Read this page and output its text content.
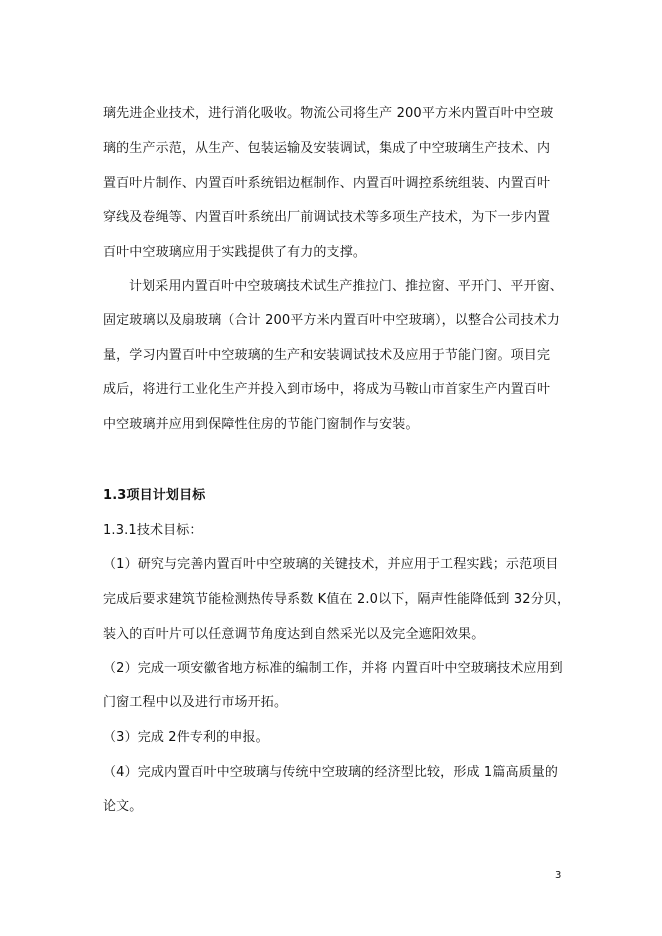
璃先进企业技术，进行消化吸收。物流公司将生产 200平方米内置百叶中空玻
璃的生产示范，从生产、包装运输及安装调试，集成了中空玻璃生产技术、内
置百叶片制作、内置百叶系统铝边框制作、内置百叶调控系统组装、内置百叶
穿线及卷绳等、内置百叶系统出厂前调试技术等多项生产技术，为下一步内置
百叶中空玻璃应用于实践提供了有力的支撑。
计划采用内置百叶中空玻璃技术试生产推拉门、推拉窗、平开门、平开窗、
固定玻璃以及扇玻璃（合计 200平方米内置百叶中空玻璃），以整合公司技术力
量，学习内置百叶中空玻璃的生产和安装调试技术及应用于节能门窗。项目完
成后，将进行工业化生产并投入到市场中，将成为马鞍山市首家生产内置百叶
中空玻璃并应用到保障性住房的节能门窗制作与安装。
1.3项目计划目标
1.3.1技术目标：
（1）研究与完善内置百叶中空玻璃的关键技术，并应用于工程实践；示范项目
完成后要求建筑节能检测热传导系数 K值在 2.0以下，隔声性能降低到 32分贝，
装入的百叶片可以任意调节角度达到自然采光以及完全遮阳效果。
（2）完成一项安徽省地方标准的编制工作，并将 内置百叶中空玻璃技术应用到
门窗工程中以及进行市场开拓。
（3）完成 2件专利的申报。
（4）完成内置百叶中空玻璃与传统中空玻璃的经济型比较，形成 1篇高质量的
论文。
3
